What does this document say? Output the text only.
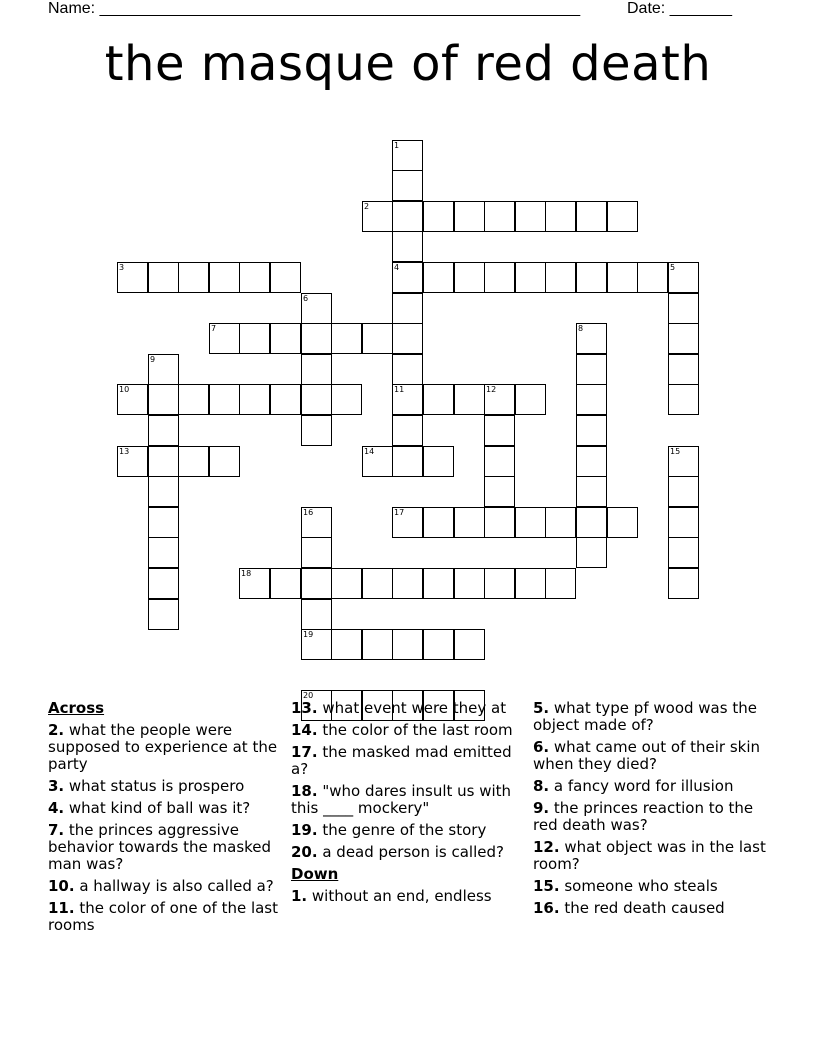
Name: ______________________________________________________	Date: _______
the masque of red death
1
2
3	4	5
6
7	8
9
10	11	12
13	14	15
16	17
18
19
20
Across
2. what the people were supposed to experience at the party
3. what status is prospero
4. what kind of ball was it?
7. the princes aggressive behavior towards the masked man was?
10. a hallway is also called a?
11. the color of one of the last rooms
13. what event were they at
14. the color of the last room
17. the masked mad emitted a?
18. "who dares insult us with this ____ mockery"
19. the genre of the story
20. a dead person is called?
Down
1. without an end, endless
5. what type pf wood was the object made of?
6. what came out of their skin when they died?
8. a fancy word for illusion
9. the princes reaction to the red death was?
12. what object was in the last room?
15. someone who steals
16. the red death caused
